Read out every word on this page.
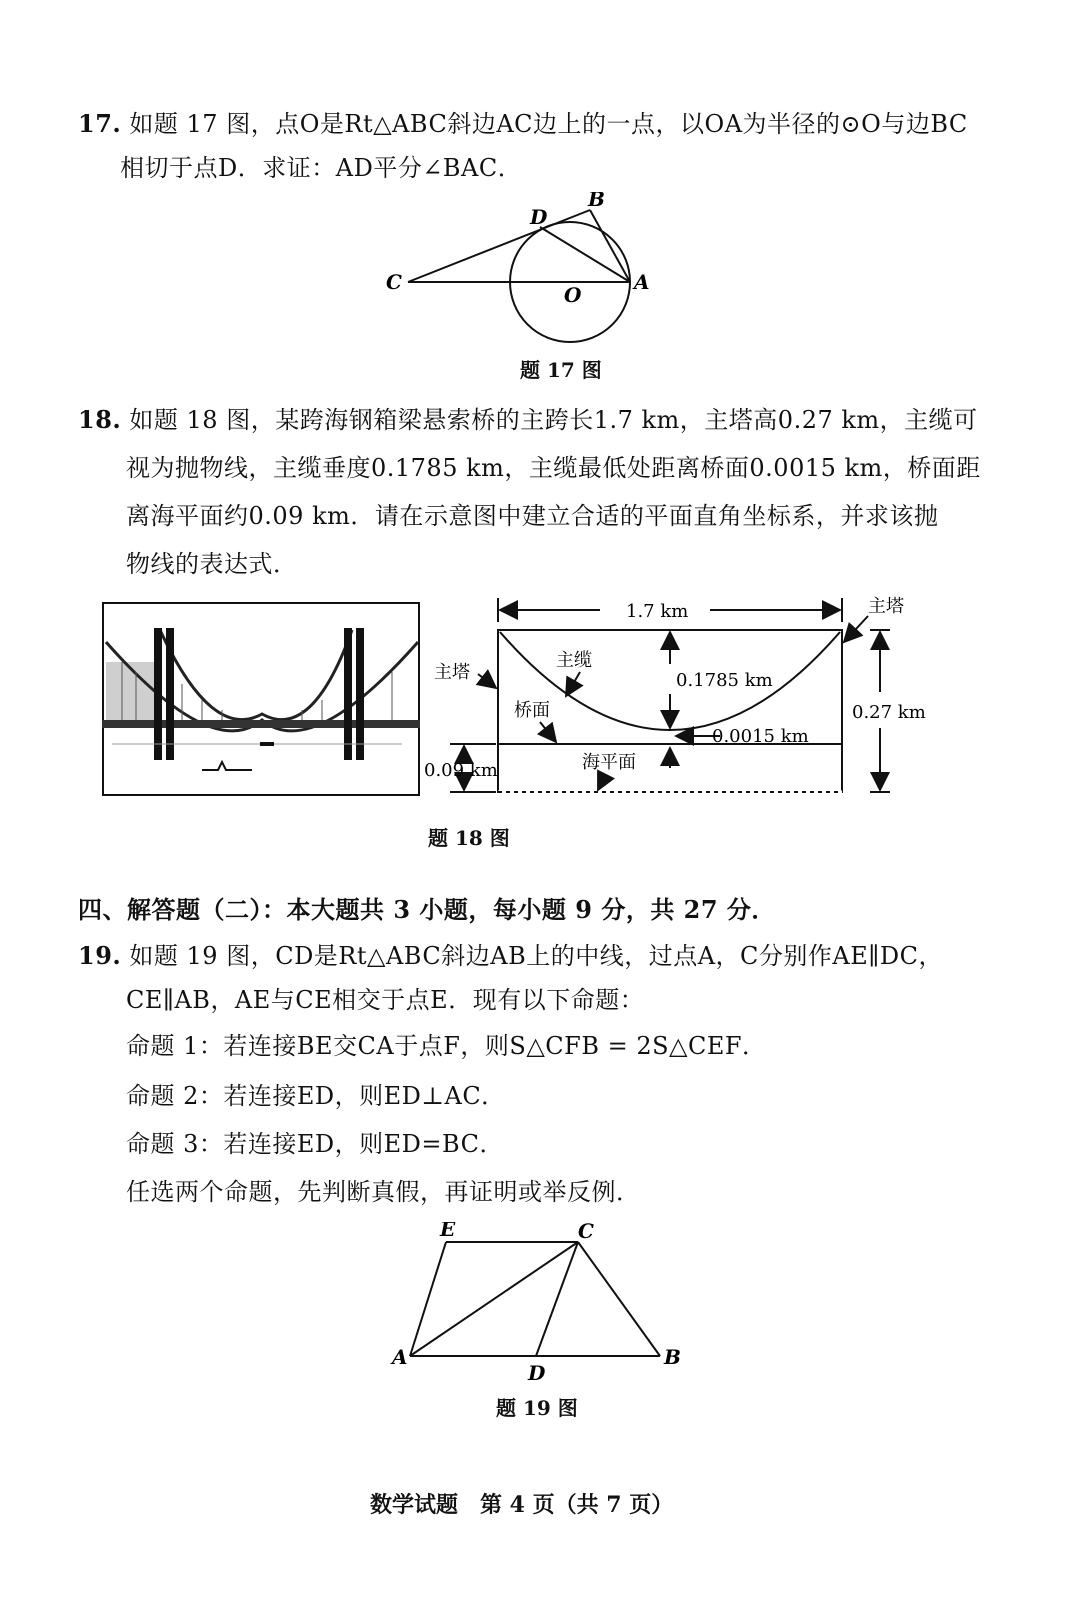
17. 如题 17 图，点O是Rt△ABC斜边AC边上的一点，以OA为半径的⊙O与边BC
相切于点D．求证：AD平分∠BAC．
B
D
C
O
A
题 17 图
18. 如题 18 图，某跨海钢箱梁悬索桥的主跨长1.7 km，主塔高0.27 km，主缆可
视为抛物线，主缆垂度0.1785 km，主缆最低处距离桥面0.0015 km，桥面距
离海平面约0.09 km．请在示意图中建立合适的平面直角坐标系，并求该抛
物线的表达式．
1.7 km
0.1785 km
0.0015 km
0.27 km
主塔
主塔
主缆
桥面
0.09 km	海平面
题 18 图
四、解答题（二）：本大题共 3 小题，每小题 9 分，共 27 分．
19. 如题 19 图，CD是Rt△ABC斜边AB上的中线，过点A，C分别作AE∥DC，
CE∥AB，AE与CE相交于点E．现有以下命题：
命题 1：若连接BE交CA于点F，则S△CFB = 2S△CEF．
命题 2：若连接ED，则ED⊥AC．
命题 3：若连接ED，则ED=BC．
任选两个命题，先判断真假，再证明或举反例．
E	C
A
D
B
题 19 图
数学试题　第 4 页（共 7 页）
